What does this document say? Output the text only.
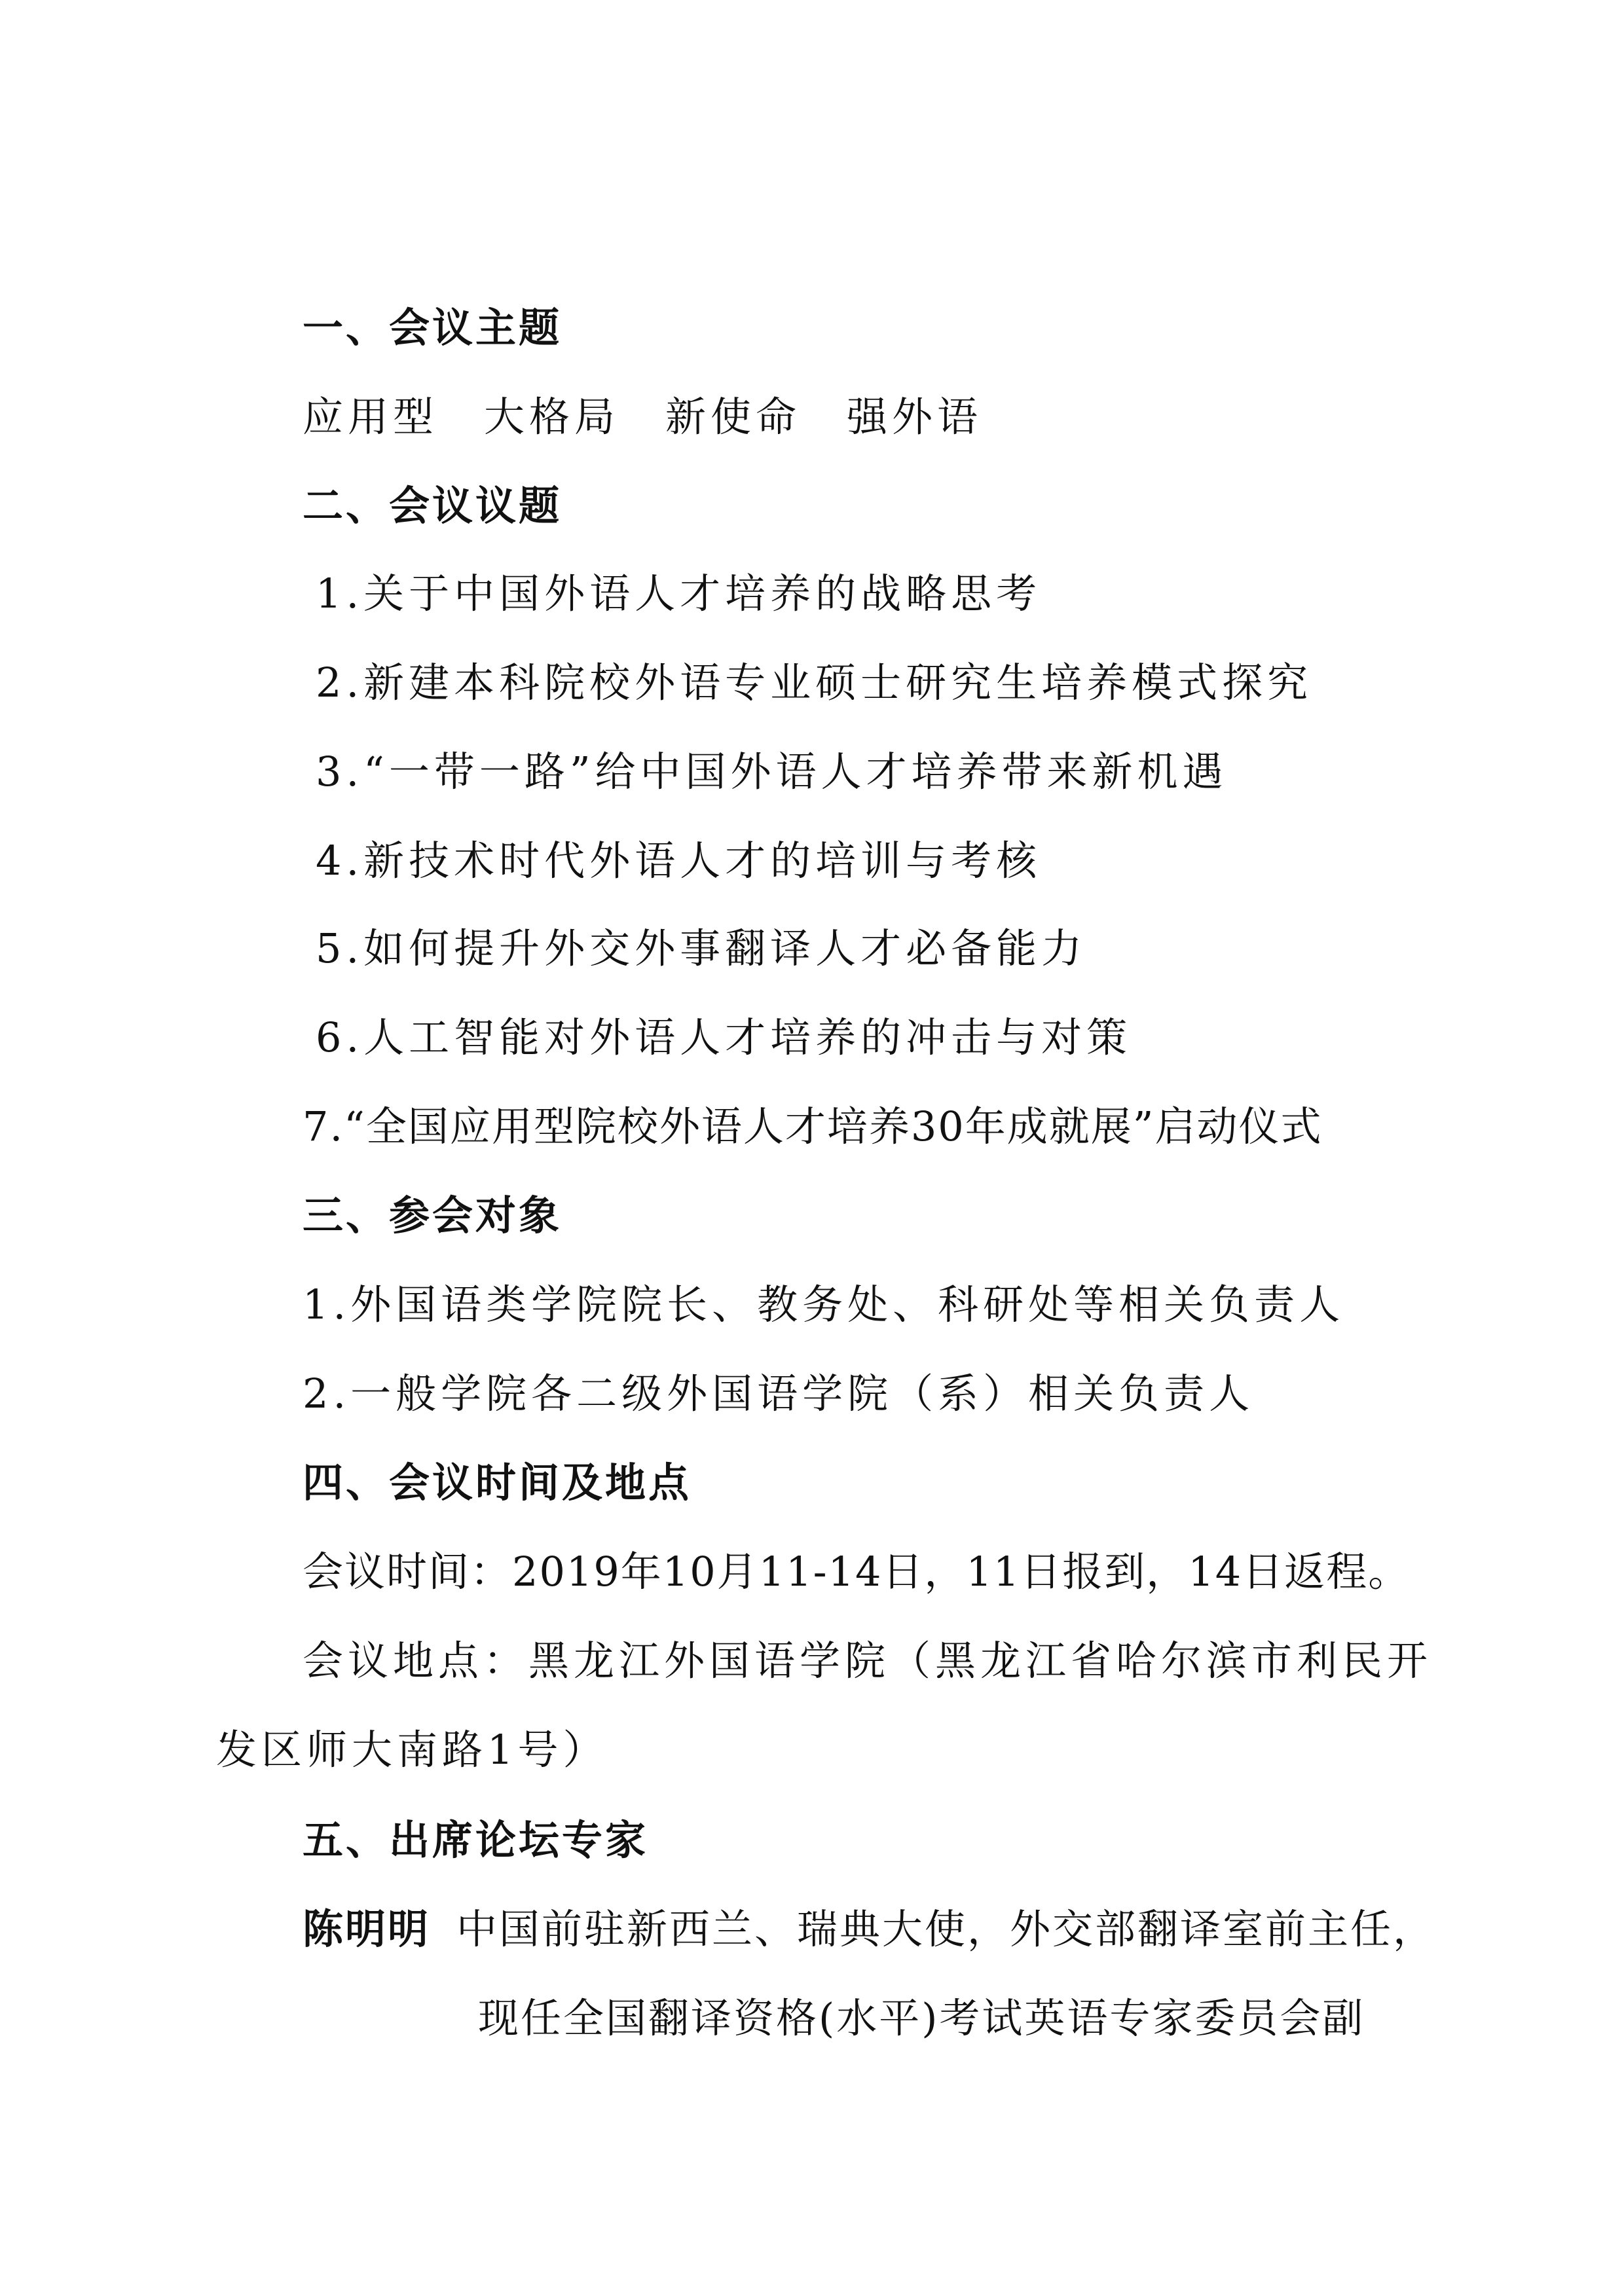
一、会议主题
应用型 大格局 新使命 强外语
二、会议议题
1.关于中国外语人才培养的战略思考
2.新建本科院校外语专业硕士研究生培养模式探究
3.“一带一路”给中国外语人才培养带来新机遇
4.新技术时代外语人才的培训与考核
5.如何提升外交外事翻译人才必备能力
6.人工智能对外语人才培养的冲击与对策
7.“全国应用型院校外语人才培养30年成就展”启动仪式
三、参会对象
1.外国语类学院院长、教务处、科研处等相关负责人
2.一般学院各二级外国语学院（系）相关负责人
四、会议时间及地点
会议时间：2019年10月11-14日，11日报到，14日返程。
会议地点：黑龙江外国语学院（黑龙江省哈尔滨市利民开
发区师大南路1号）
五、出席论坛专家
陈明明 中国前驻新西兰、瑞典大使，外交部翻译室前主任，
现任全国翻译资格(水平)考试英语专家委员会副
